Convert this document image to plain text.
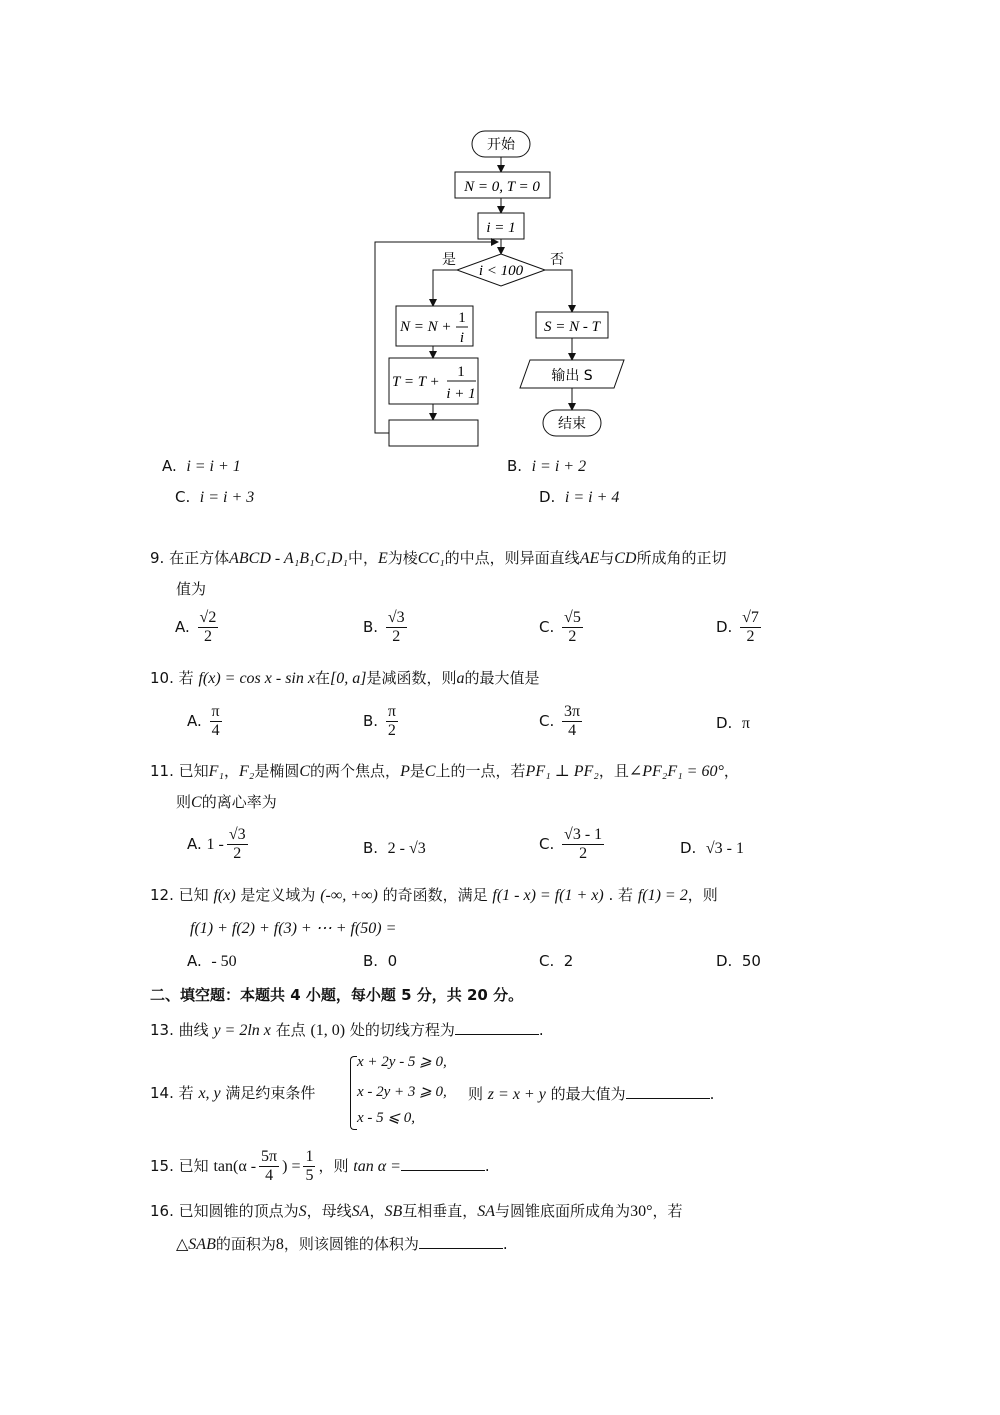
开始
N = 0, T = 0
i = 1
i < 100
是	否
N = N +
1
i
T = T +
1
i + 1
S = N - T
输出 S
结束
A. i = i + 1	B. i = i + 2
C. i = i + 3	D. i = i + 4
9. 在正方体ABCD - A₁B₁C₁D₁中，E为棱CC₁的中点，则异面直线AE与CD所成角的正切
值为
A. $\frac{√2}{2}$	B. $\frac{√3}{2}$	C. $\frac{√5}{2}$	D. $\frac{√7}{2}$
10. 若 f(x) = cos x - sin x在[0, a]是减函数，则a的最大值是
A. $\frac{\pi}{4}$	B. $\frac{\pi}{2}$	C. $\frac{3\pi}{4}$	D. π
11. 已知F₁，F₂是椭圆C的两个焦点，P是C上的一点，若PF₁ ⊥ PF₂，且∠PF₂F₁ = 60°，
则C的离心率为
A. $1 - \frac{√3}{2}$	B. 2 - √3	C. $\frac{√3 - 1}{2}$	D. √3 - 1
12. 已知 f(x) 是定义域为 (-∞, +∞) 的奇函数，满足 f(1 - x) = f(1 + x) . 若 f(1) = 2，则
f(1) + f(2) + f(3) + ⋯ + f(50) =
A. - 50	B. 0	C. 2	D. 50
二、填空题：本题共 4 小题，每小题 5 分，共 20 分。
13. 曲线 y = 2ln x 在点 (1, 0) 处的切线方程为	.
14. 若 x, y 满足约束条件
x + 2y - 5 ⩾ 0,
x - 2y + 3 ⩾ 0,
x - 5 ⩽ 0,
则 z = x + y 的最大值为	.
15. 已知 $\tan(\alpha - \frac{5\pi}{4}$ ) = $\frac{1}{5}$ ，则 tan α =	.
16. 已知圆锥的顶点为S，母线SA，SB互相垂直，SA与圆锥底面所成角为30°，若
△SAB的面积为8，则该圆锥的体积为	.
